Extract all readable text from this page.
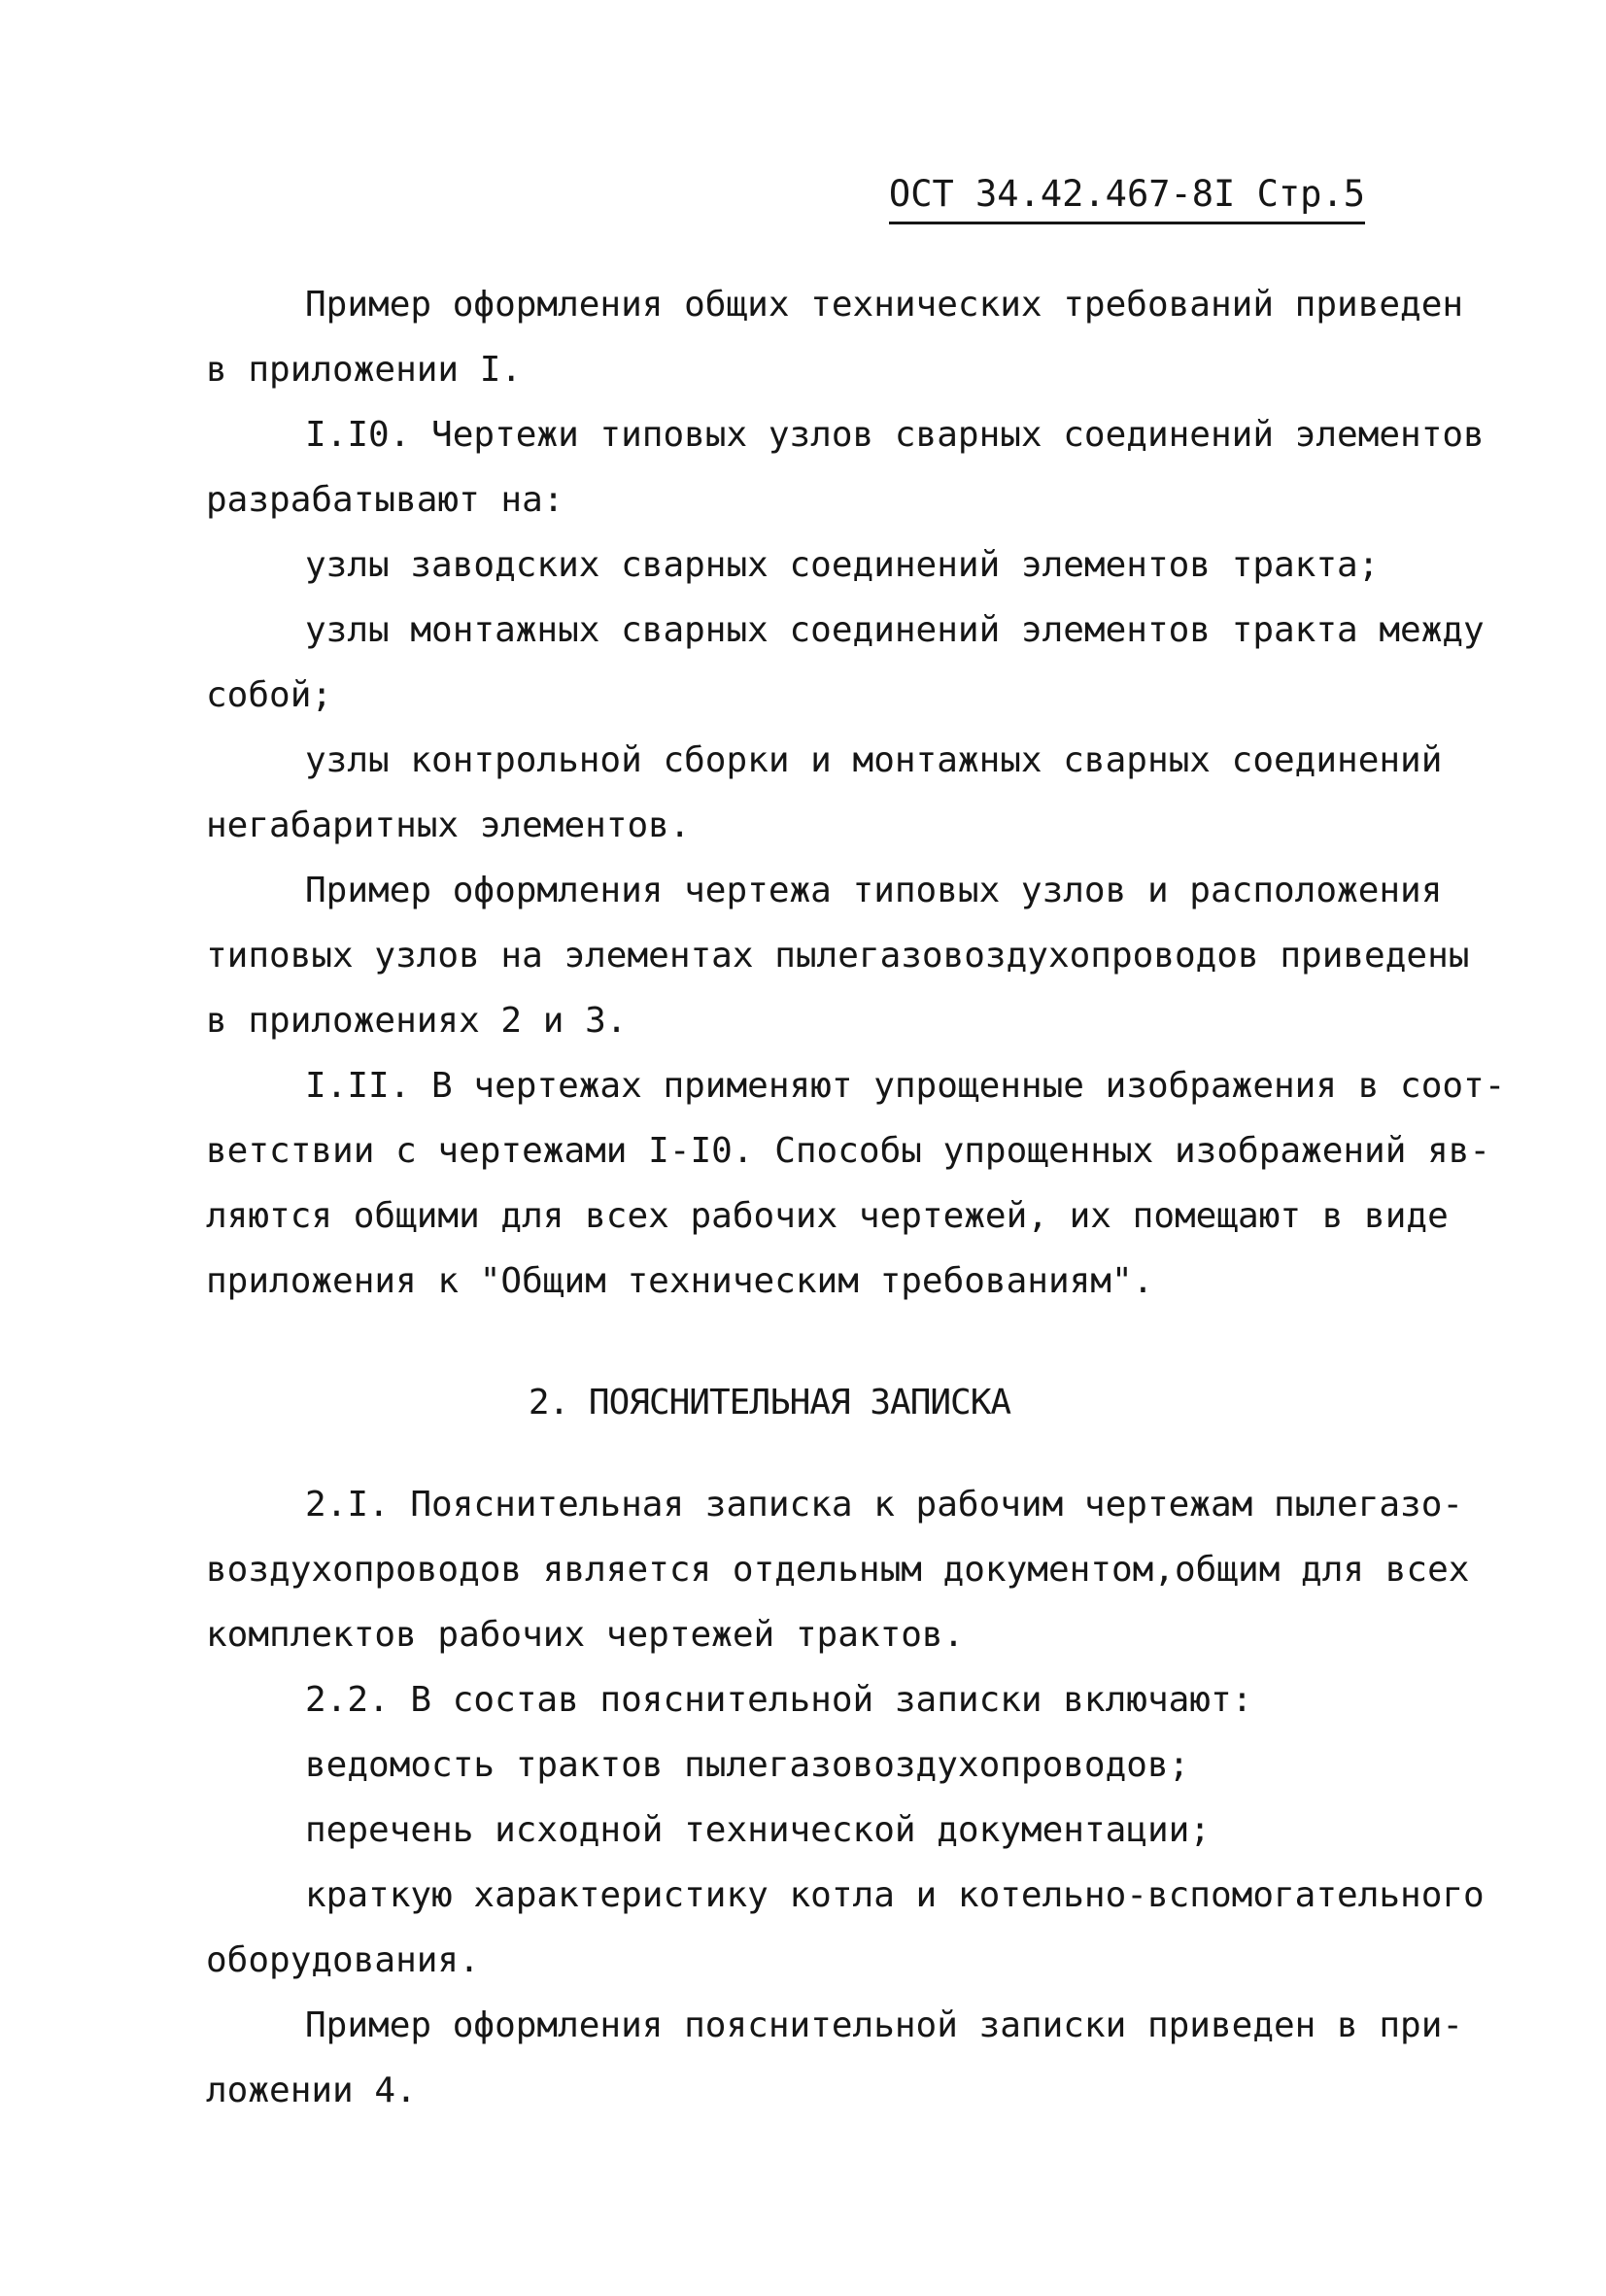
ОСТ 34.42.467-8I Стр.5
Пример оформления общих технических требований приведен
в приложении I.
I.I0. Чертежи типовых узлов сварных соединений элементов
разрабатывают на:
узлы заводских сварных соединений элементов тракта;
узлы монтажных сварных соединений элементов тракта между
собой;
узлы контрольной сборки и монтажных сварных соединений
негабаритных элементов.
Пример оформления чертежа типовых узлов и расположения
типовых узлов на элементах пылегазовоздухопроводов приведены
в приложениях 2 и 3.
I.II. В чертежах применяют упрощенные изображения в соот-
ветствии с чертежами I-I0. Способы упрощенных изображений яв-
ляются общими для всех рабочих чертежей, их помещают в виде
приложения к "Общим техническим требованиям".
2. ПОЯСНИТЕЛЬНАЯ ЗАПИСКА
2.I. Пояснительная записка к рабочим чертежам пылегазо-
воздухопроводов является отдельным документом,общим для всех
комплектов рабочих чертежей трактов.
2.2. В состав пояснительной записки включают:
ведомость трактов пылегазовоздухопроводов;
перечень исходной технической документации;
краткую характеристику котла и котельно-вспомогательного
оборудования.
Пример оформления пояснительной записки приведен в при-
ложении 4.
